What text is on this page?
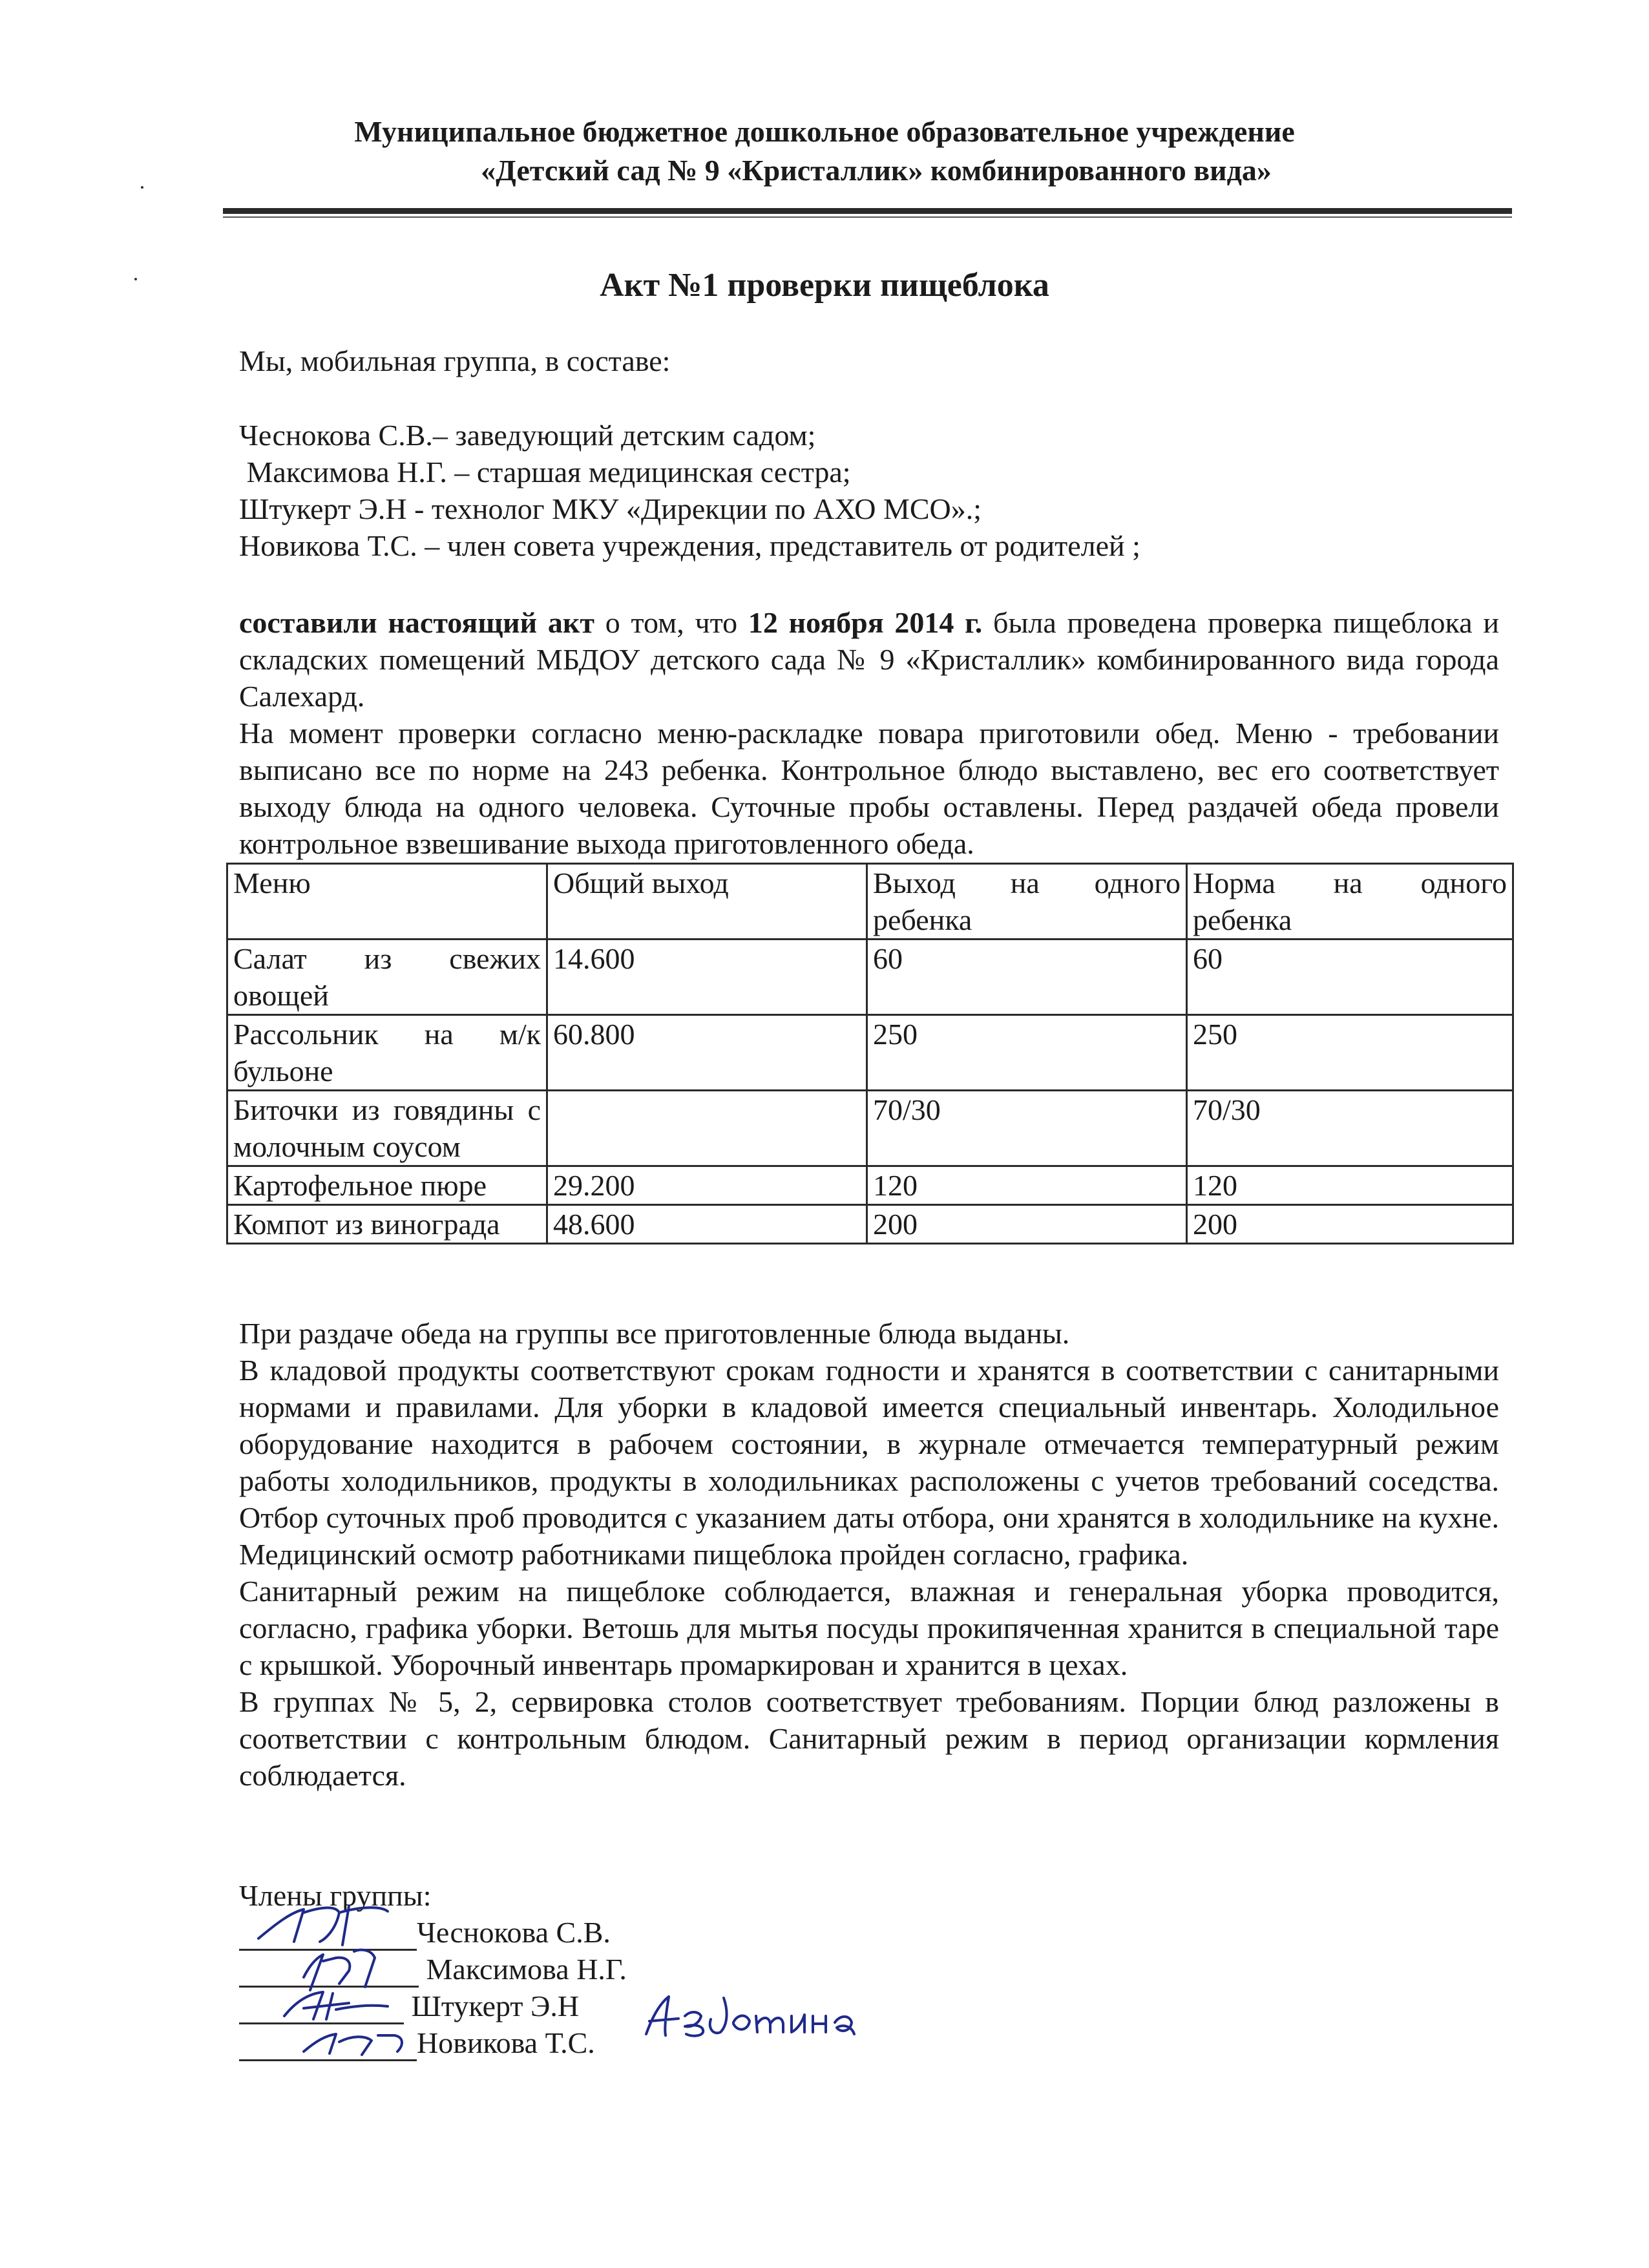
Муниципальное бюджетное дошкольное образовательное учреждение
«Детский сад № 9 «Кристаллик» комбинированного вида»
Акт №1 проверки пищеблока
Мы, мобильная группа, в составе:

Чеснокова С.В.– заведующий детским садом;

Максимова Н.Г. – старшая медицинская сестра;

Штукерт Э.Н - технолог МКУ «Дирекции по АХО МСО».;

Новикова Т.С. – член совета учреждения, представитель от родителей ;

составили настоящий акт о том, что 12 ноября 2014 г. была проведена проверка пищеблока и складских помещений МБДОУ детского сада № 9 «Кристаллик» комбинированного вида города Салехард.
На момент проверки согласно меню-раскладке повара приготовили обед. Меню - требовании выписано все по норме на 243 ребенка. Контрольное блюдо выставлено, вес его соответствует выходу блюда на одного человека. Суточные пробы оставлены. Перед раздачей обеда провели контрольное взвешивание выхода приготовленного обеда.
Меню	Общий выход	Выход на одного ребенка	Норма на одного ребенка
Салат из свежих овощей	14.600	60	60
Рассольник на м/к бульоне	60.800	250	250
Биточки из говядины с молочным соусом		70/30	70/30
Картофельное пюре	29.200	120	120
Компот из винограда	48.600	200	200

При раздаче обеда на группы все приготовленные блюда выданы.

В кладовой продукты соответствуют срокам годности и хранятся в соответствии с санитарными нормами и правилами. Для уборки в кладовой имеется специальный инвентарь. Холодильное оборудование находится в рабочем состоянии, в журнале отмечается температурный режим работы холодильников, продукты в холодильниках расположены с учетов требований соседства. Отбор суточных проб проводится с указанием даты отбора, они хранятся в холодильнике на кухне. Медицинский осмотр работниками пищеблока пройден согласно, графика.

Санитарный режим на пищеблоке соблюдается, влажная и генеральная уборка проводится, согласно, графика уборки. Ветошь для мытья посуды прокипяченная хранится в специальной таре с крышкой. Уборочный инвентарь промаркирован и хранится в цехах.

В группах № 5, 2, сервировка столов соответствует требованиям. Порции блюд разложены в соответствии с контрольным блюдом. Санитарный режим в период организации кормления соблюдается.

Члены группы:
Чеснокова С.В.
Максимова Н.Г.
Штукерт Э.Н
Новикова Т.С.	Авдошина
